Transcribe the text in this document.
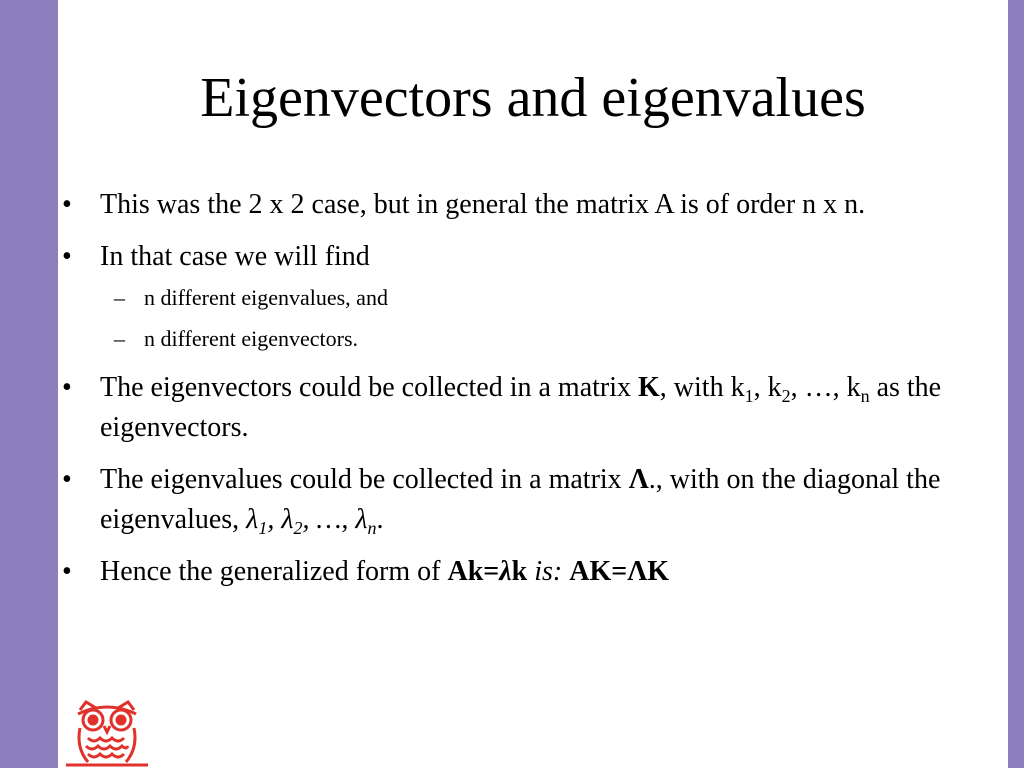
Eigenvectors and eigenvalues
• This was the 2 x 2 case, but in general the matrix A is of order n x n.
• In that case we will find
– n different eigenvalues, and
– n different eigenvectors.
• The eigenvectors could be collected in a matrix K, with $k_1$, $k_2$, …, $k_n$ as the eigenvectors.
• The eigenvalues could be collected in a matrix Λ., with on the diagonal the eigenvalues, $\lambda_1$, $\lambda_2$, …, $\lambda_n$.
• Hence the generalized form of Ak=λk is: AK=ΛK
